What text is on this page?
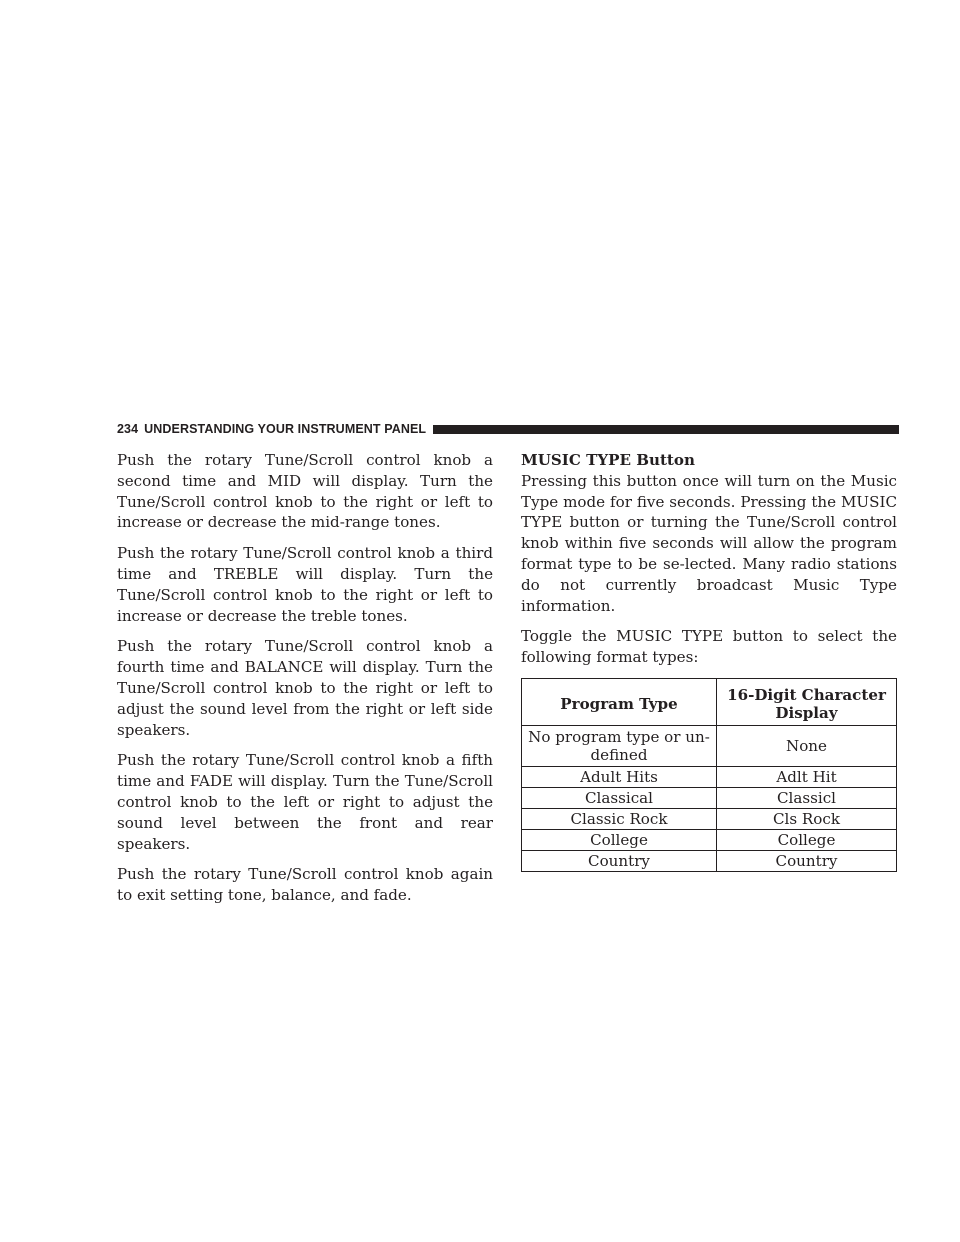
234 UNDERSTANDING YOUR INSTRUMENT PANEL

Push the rotary Tune/Scroll control knob a second time and MID will display. Turn the Tune/Scroll control knob to the right or left to increase or decrease the mid-range tones.

Push the rotary Tune/Scroll control knob a third time and TREBLE will display. Turn the Tune/Scroll control knob to the right or left to increase or decrease the treble tones.

Push the rotary Tune/Scroll control knob a fourth time and BALANCE will display. Turn the Tune/Scroll control knob to the right or left to adjust the sound level from the right or left side speakers.

Push the rotary Tune/Scroll control knob a fifth time and FADE will display. Turn the Tune/Scroll control knob to the left or right to adjust the sound level between the front and rear speakers.

Push the rotary Tune/Scroll control knob again to exit setting tone, balance, and fade.

MUSIC TYPE Button

Pressing this button once will turn on the Music Type mode for five seconds. Pressing the MUSIC TYPE button or turning the Tune/Scroll control knob within five seconds will allow the program format type to be se-lected. Many radio stations do not currently broadcast Music Type information.

Toggle the MUSIC TYPE button to select the following format types:

Program Type	16-Digit Character Display
No program type or un-defined	None
Adult Hits	Adlt Hit
Classical	Classicl
Classic Rock	Cls Rock
College	College
Country	Country
